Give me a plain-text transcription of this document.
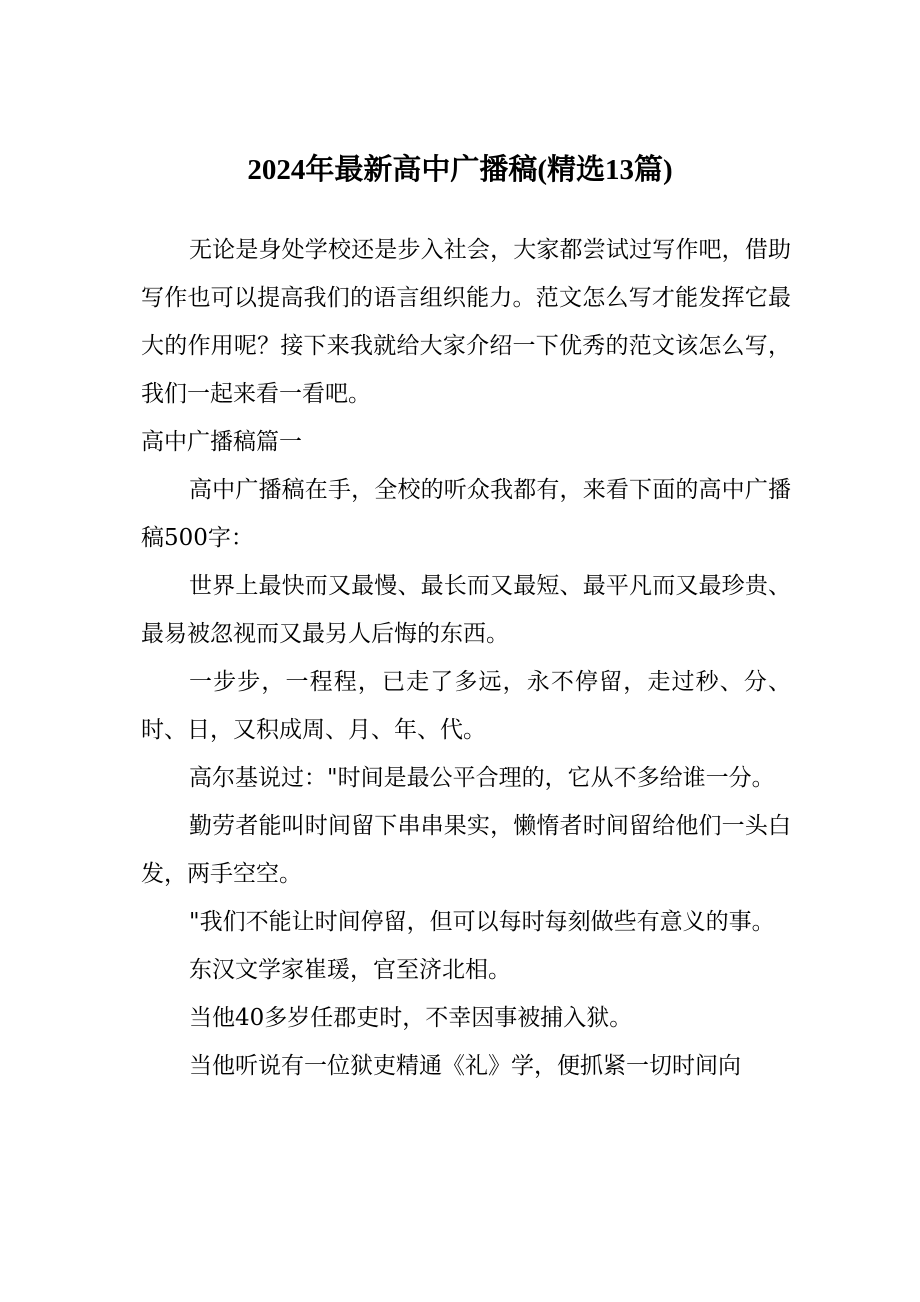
2024年最新高中广播稿(精选13篇)

无论是身处学校还是步入社会，大家都尝试过写作吧，借助写作也可以提高我们的语言组织能力。范文怎么写才能发挥它最大的作用呢？接下来我就给大家介绍一下优秀的范文该怎么写，我们一起来看一看吧。

高中广播稿篇一

高中广播稿在手，全校的听众我都有，来看下面的高中广播稿500字：

世界上最快而又最慢、最长而又最短、最平凡而又最珍贵、最易被忽视而又最另人后悔的东西。

一步步，一程程，已走了多远，永不停留，走过秒、分、时、日，又积成周、月、年、代。

高尔基说过："时间是最公平合理的，它从不多给谁一分。

勤劳者能叫时间留下串串果实，懒惰者时间留给他们一头白发，两手空空。

"我们不能让时间停留，但可以每时每刻做些有意义的事。

东汉文学家崔瑗，官至济北相。

当他40多岁任郡吏时，不幸因事被捕入狱。

当他听说有一位狱吏精通《礼》学，便抓紧一切时间向
